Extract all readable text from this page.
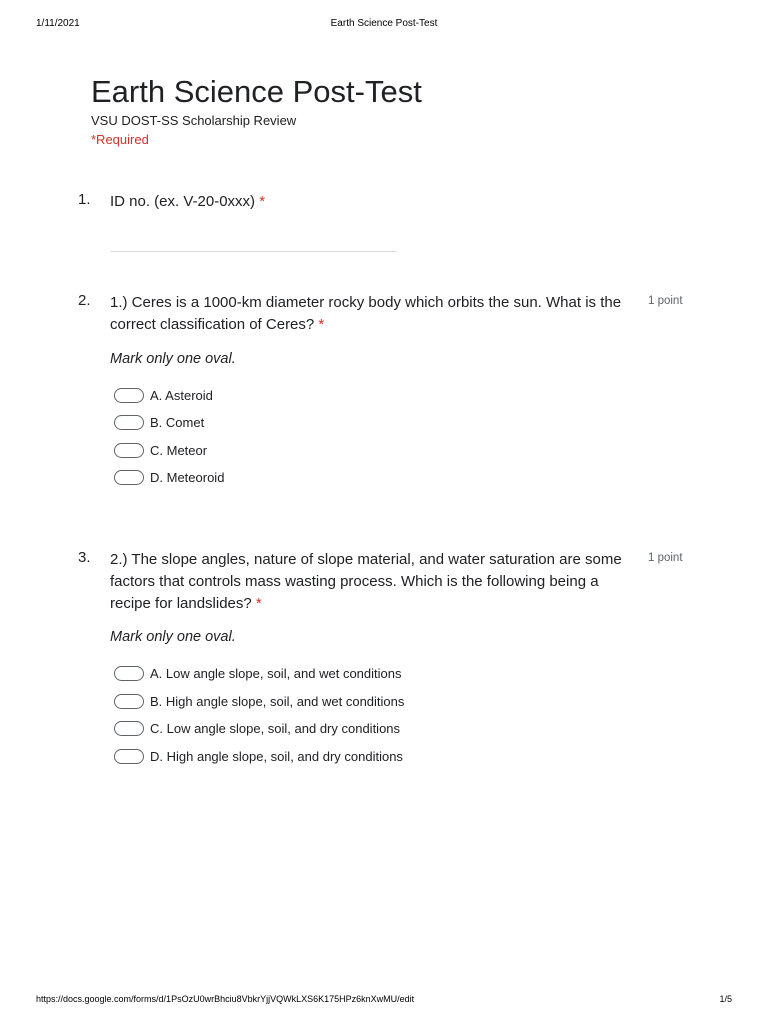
1/11/2021	Earth Science Post-Test
Earth Science Post-Test
VSU DOST-SS Scholarship Review
*Required
1. ID no. (ex. V-20-0xxx) *
2. 1.) Ceres is a 1000-km diameter rocky body which orbits the sun. What is the correct classification of Ceres? *
1 point
Mark only one oval.
A. Asteroid
B. Comet
C. Meteor
D. Meteoroid
3. 2.) The slope angles, nature of slope material, and water saturation are some factors that controls mass wasting process. Which is the following being a recipe for landslides? *
1 point
Mark only one oval.
A. Low angle slope, soil, and wet conditions
B. High angle slope, soil, and wet conditions
C. Low angle slope, soil, and dry conditions
D. High angle slope, soil, and dry conditions
https://docs.google.com/forms/d/1PsOzU0wrBhciu8VbkrYjjVQWkLXS6K175HPz6knXwMU/edit	1/5
